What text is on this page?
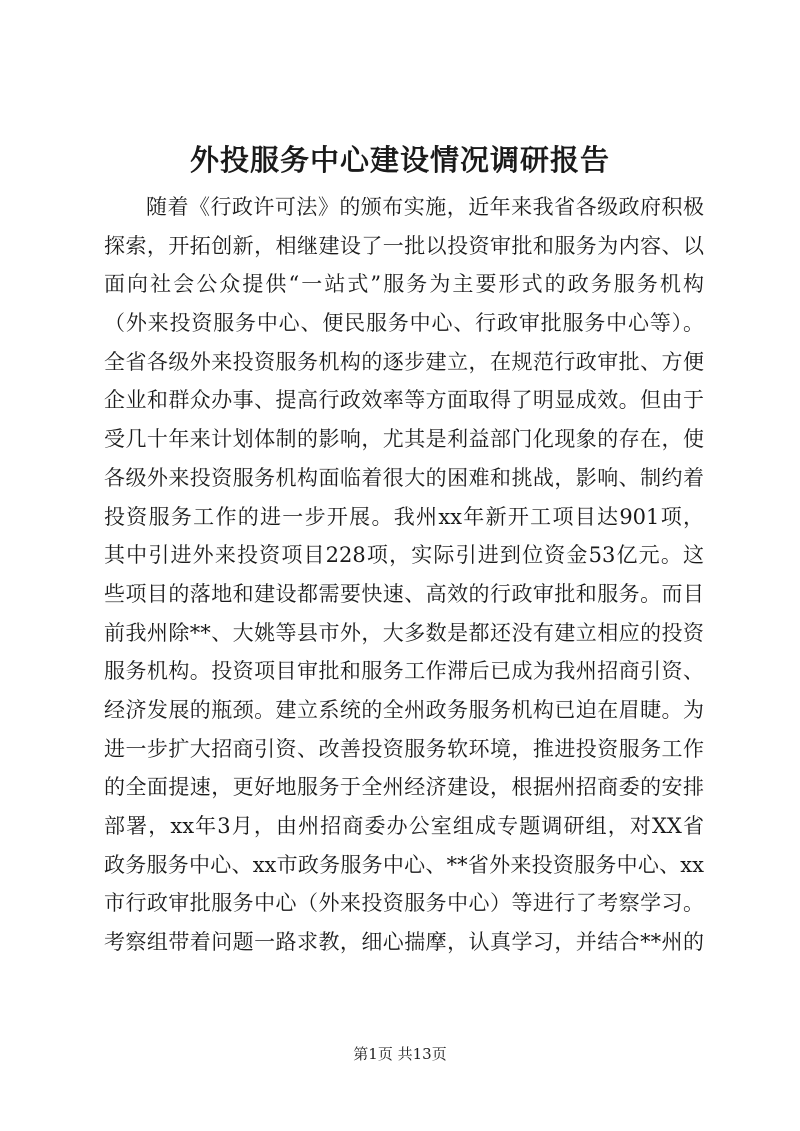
外投服务中心建设情况调研报告
随着《行政许可法》的颁布实施，近年来我省各级政府积极
探索，开拓创新，相继建设了一批以投资审批和服务为内容、以
面向社会公众提供“一站式”服务为主要形式的政务服务机构
（外来投资服务中心、便民服务中心、行政审批服务中心等）。
全省各级外来投资服务机构的逐步建立，在规范行政审批、方便
企业和群众办事、提高行政效率等方面取得了明显成效。但由于
受几十年来计划体制的影响，尤其是利益部门化现象的存在，使
各级外来投资服务机构面临着很大的困难和挑战，影响、制约着
投资服务工作的进一步开展。我州xx年新开工项目达901项，
其中引进外来投资项目228项，实际引进到位资金53亿元。这
些项目的落地和建设都需要快速、高效的行政审批和服务。而目
前我州除**、大姚等县市外，大多数是都还没有建立相应的投资
服务机构。投资项目审批和服务工作滞后已成为我州招商引资、
经济发展的瓶颈。建立系统的全州政务服务机构已迫在眉睫。为
进一步扩大招商引资、改善投资服务软环境，推进投资服务工作
的全面提速，更好地服务于全州经济建设，根据州招商委的安排
部署，xx年3月，由州招商委办公室组成专题调研组，对XX省
政务服务中心、xx市政务服务中心、**省外来投资服务中心、xx
市行政审批服务中心（外来投资服务中心）等进行了考察学习。
考察组带着问题一路求教，细心揣摩，认真学习，并结合**州的
第1页 共13页
